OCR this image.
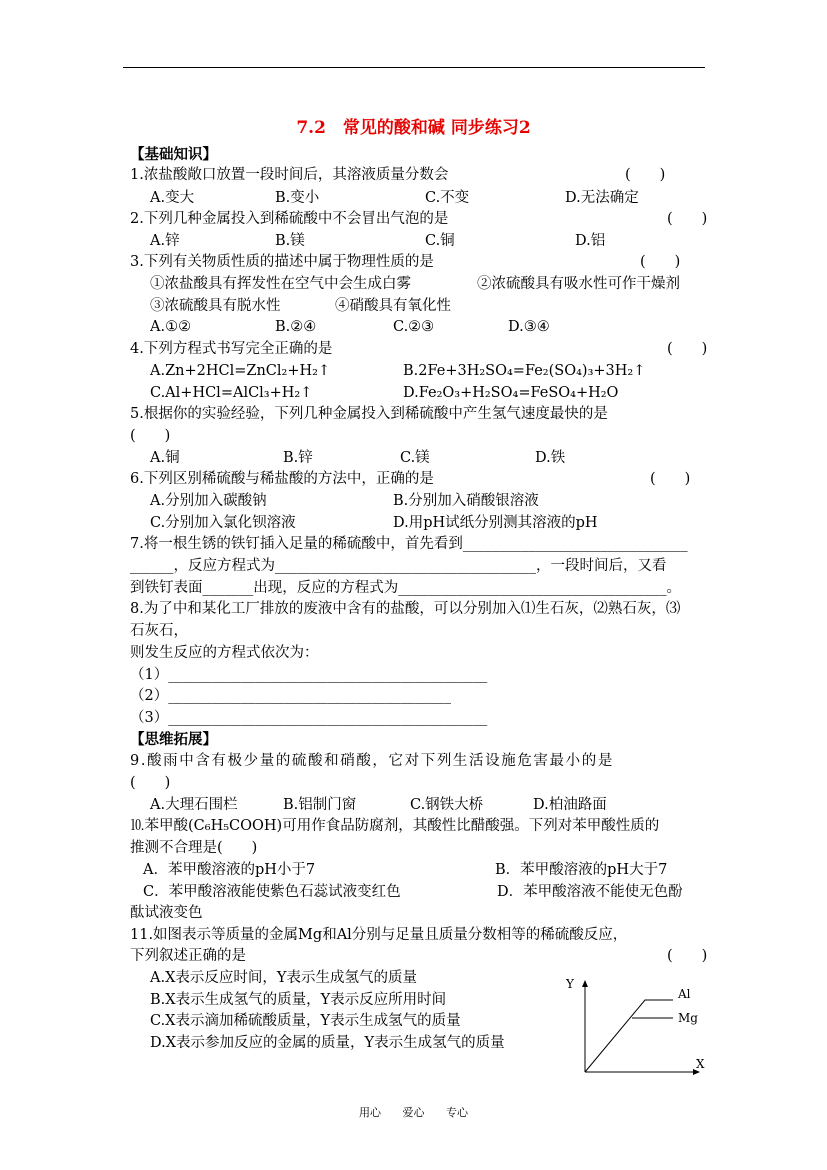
7.2　常见的酸和碱 同步练习2
【基础知识】
1.浓盐酸敞口放置一段时间后，其溶液质量分数会	(　　)
A.变大	B.变小	C.不变	D.无法确定
2.下列几种金属投入到稀硫酸中不会冒出气泡的是	(　　)
A.锌	B.镁	C.铜	D.铝
3.下列有关物质性质的描述中属于物理性质的是	(　　)
①浓盐酸具有挥发性在空气中会生成白雾	②浓硫酸具有吸水性可作干燥剂
③浓硫酸具有脱水性	④硝酸具有氧化性
A.①②	B.②④	C.②③	D.③④
4.下列方程式书写完全正确的是	(　　)
A.Zn+2HCl=ZnCl₂+H₂↑	B.2Fe+3H₂SO₄=Fe₂(SO₄)₃+3H₂↑
C.Al+HCl=AlCl₃+H₂↑	D.Fe₂O₃+H₂SO₄=FeSO₄+H₂O
5.根据你的实验经验，下列几种金属投入到稀硫酸中产生氢气速度最快的是
(　　)
A.铜	B.锌	C.镁	D.铁
6.下列区别稀硫酸与稀盐酸的方法中，正确的是	(　　)
A.分别加入碳酸钠	B.分别加入硝酸银溶液
C.分别加入氯化钡溶液	D.用pH试纸分别测其溶液的pH
7.将一根生锈的铁钉插入足量的稀硫酸中，首先看到_______________________________
______，反应方程式为____________________________________，一段时间后，又看
到铁钉表面_______出现，反应的方程式为_____________________________________。
8.为了中和某化工厂排放的废液中含有的盐酸，可以分别加入⑴生石灰，⑵熟石灰，⑶
石灰石，
则发生反应的方程式依次为：
（1）____________________________________________
（2）_______________________________________
（3）____________________________________________
【思维拓展】
9.酸雨中含有极少量的硫酸和硝酸，它对下列生活设施危害最小的是
(　　)
A.大理石围栏	B.铝制门窗	C.钢铁大桥	D.柏油路面
⒑苯甲酸(C₆H₅COOH)可用作食品防腐剂，其酸性比醋酸强。下列对苯甲酸性质的
推测不合理是(　　)
A．苯甲酸溶液的pH小于7	B．苯甲酸溶液的pH大于7
C．苯甲酸溶液能使紫色石蕊试液变红色	D．苯甲酸溶液不能使无色酚
酞试液变色
11.如图表示等质量的金属Mg和Al分别与足量且质量分数相等的稀硫酸反应，
下列叙述正确的是	(　　)
A.X表示反应时间，Y表示生成氢气的质量
B.X表示生成氢气的质量，Y表示反应所用时间
C.X表示滴加稀硫酸质量，Y表示生成氢气的质量
D.X表示参加反应的金属的质量，Y表示生成氢气的质量
Y
X
Al
Mg
用心 爱心 专心
